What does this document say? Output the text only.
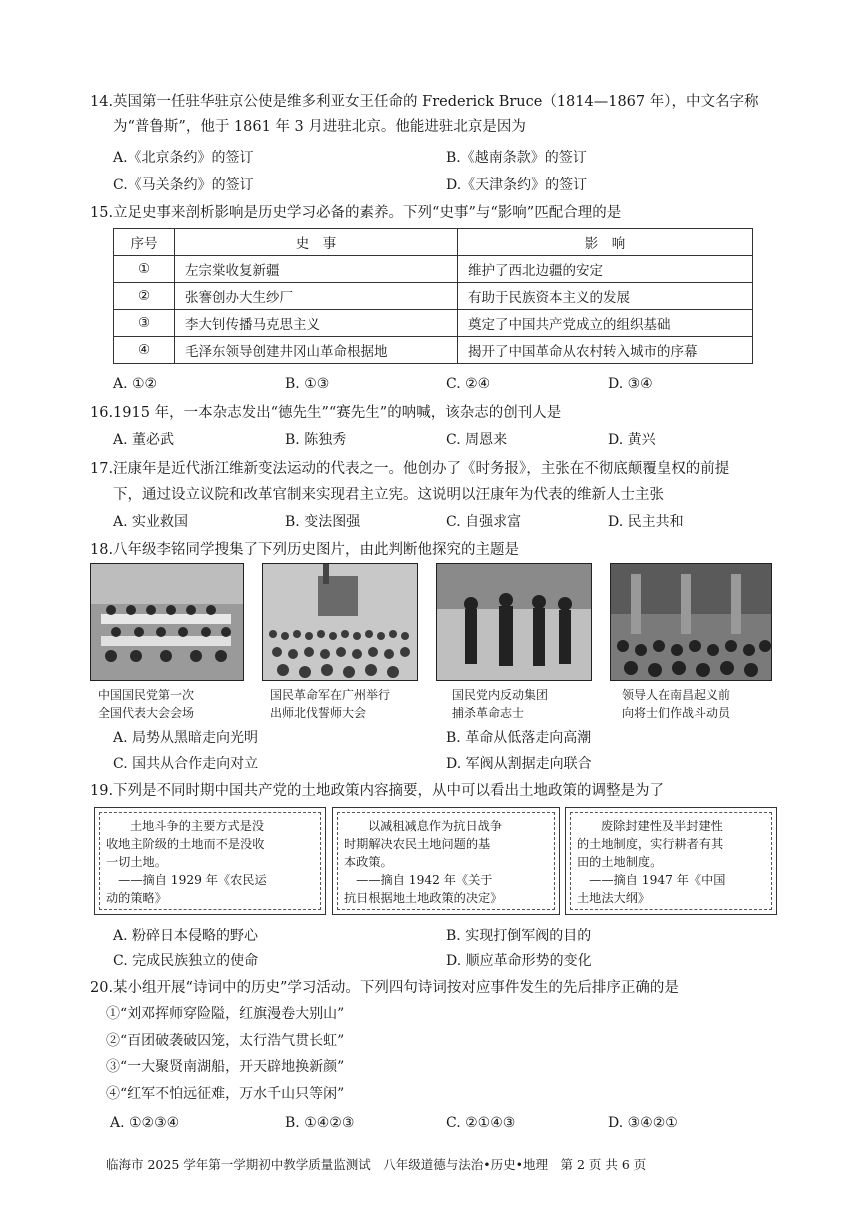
14.英国第一任驻华驻京公使是维多利亚女王任命的 Frederick Bruce（1814—1867 年），中文名字称
为“普鲁斯”，他于 1861 年 3 月进驻北京。他能进驻北京是因为
A.《北京条约》的签订	B.《越南条款》的签订
C.《马关条约》的签订	D.《天津条约》的签订
15.立足史事来剖析影响是历史学习必备的素养。下列“史事”与“影响”匹配合理的是
序号	史　事	影　响
①	左宗棠收复新疆	维护了西北边疆的安定
②	张謇创办大生纱厂	有助于民族资本主义的发展
③	李大钊传播马克思主义	奠定了中国共产党成立的组织基础
④	毛泽东领导创建井冈山革命根据地	揭开了中国革命从农村转入城市的序幕
A. ①②	B. ①③	C. ②④	D. ③④
16.1915 年，一本杂志发出“德先生”“赛先生”的呐喊，该杂志的创刊人是
A. 董必武	B. 陈独秀	C. 周恩来	D. 黄兴
17.汪康年是近代浙江维新变法运动的代表之一。他创办了《时务报》，主张在不彻底颠覆皇权的前提
下，通过设立议院和改革官制来实现君主立宪。这说明以汪康年为代表的维新人士主张
A. 实业救国	B. 变法图强	C. 自强求富	D. 民主共和
18.八年级李铭同学搜集了下列历史图片，由此判断他探究的主题是
中国国民党第一次
全国代表大会会场
国民革命军在广州举行
出师北伐誓师大会
国民党内反动集团
捕杀革命志士
领导人在南昌起义前
向将士们作战斗动员
A. 局势从黑暗走向光明	B. 革命从低落走向高潮
C. 国共从合作走向对立	D. 军阀从割据走向联合
19.下列是不同时期中国共产党的土地政策内容摘要，从中可以看出土地政策的调整是为了
土地斗争的主要方式是没
收地主阶级的土地而不是没收
一切土地。
　——摘自 1929 年《农民运
动的策略》
以减租减息作为抗日战争
时期解决农民土地问题的基
本政策。
　——摘自 1942 年《关于
抗日根据地土地政策的决定》
废除封建性及半封建性
的土地制度，实行耕者有其
田的土地制度。
　——摘自 1947 年《中国
土地法大纲》
A. 粉碎日本侵略的野心	B. 实现打倒军阀的目的
C. 完成民族独立的使命	D. 顺应革命形势的变化
20.某小组开展“诗词中的历史”学习活动。下列四句诗词按对应事件发生的先后排序正确的是
①“刘邓挥师穿险隘，红旗漫卷大别山”
②“百团破袭破囚笼，太行浩气贯长虹”
③“一大聚贤南湖船，开天辟地换新颜”
④“红军不怕远征难，万水千山只等闲”
A. ①②③④	B. ①④②③	C. ②①④③	D. ③④②①
临海市 2025 学年第一学期初中教学质量监测试　八年级道德与法治•历史•地理　第 2 页 共 6 页
